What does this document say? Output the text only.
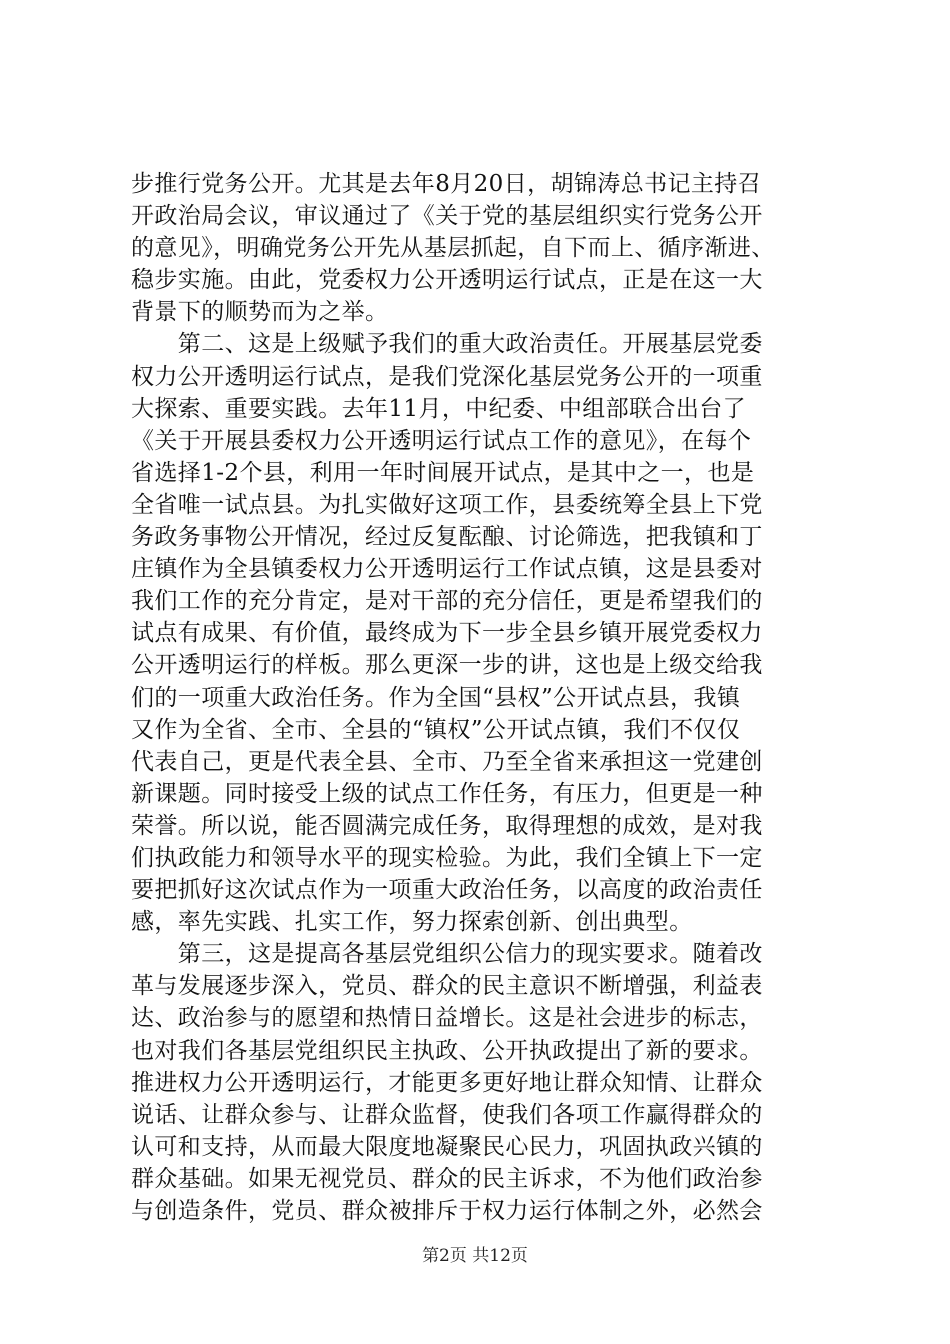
步推行党务公开。尤其是去年8月20日，胡锦涛总书记主持召
开政治局会议，审议通过了《关于党的基层组织实行党务公开
的意见》，明确党务公开先从基层抓起，自下而上、循序渐进、
稳步实施。由此，党委权力公开透明运行试点，正是在这一大
背景下的顺势而为之举。
　　第二、这是上级赋予我们的重大政治责任。开展基层党委
权力公开透明运行试点，是我们党深化基层党务公开的一项重
大探索、重要实践。去年11月，中纪委、中组部联合出台了
《关于开展县委权力公开透明运行试点工作的意见》，在每个
省选择1-2个县，利用一年时间展开试点，是其中之一，也是
全省唯一试点县。为扎实做好这项工作，县委统筹全县上下党
务政务事物公开情况，经过反复酝酿、讨论筛选，把我镇和丁
庄镇作为全县镇委权力公开透明运行工作试点镇，这是县委对
我们工作的充分肯定，是对干部的充分信任，更是希望我们的
试点有成果、有价值，最终成为下一步全县乡镇开展党委权力
公开透明运行的样板。那么更深一步的讲，这也是上级交给我
们的一项重大政治任务。作为全国“县权”公开试点县，我镇
又作为全省、全市、全县的“镇权”公开试点镇，我们不仅仅
代表自己，更是代表全县、全市、乃至全省来承担这一党建创
新课题。同时接受上级的试点工作任务，有压力，但更是一种
荣誉。所以说，能否圆满完成任务，取得理想的成效，是对我
们执政能力和领导水平的现实检验。为此，我们全镇上下一定
要把抓好这次试点作为一项重大政治任务，以高度的政治责任
感，率先实践、扎实工作，努力探索创新、创出典型。
　　第三，这是提高各基层党组织公信力的现实要求。随着改
革与发展逐步深入，党员、群众的民主意识不断增强，利益表
达、政治参与的愿望和热情日益增长。这是社会进步的标志，
也对我们各基层党组织民主执政、公开执政提出了新的要求。
推进权力公开透明运行，才能更多更好地让群众知情、让群众
说话、让群众参与、让群众监督，使我们各项工作赢得群众的
认可和支持，从而最大限度地凝聚民心民力，巩固执政兴镇的
群众基础。如果无视党员、群众的民主诉求，不为他们政治参
与创造条件，党员、群众被排斥于权力运行体制之外，必然会
第2页 共12页
